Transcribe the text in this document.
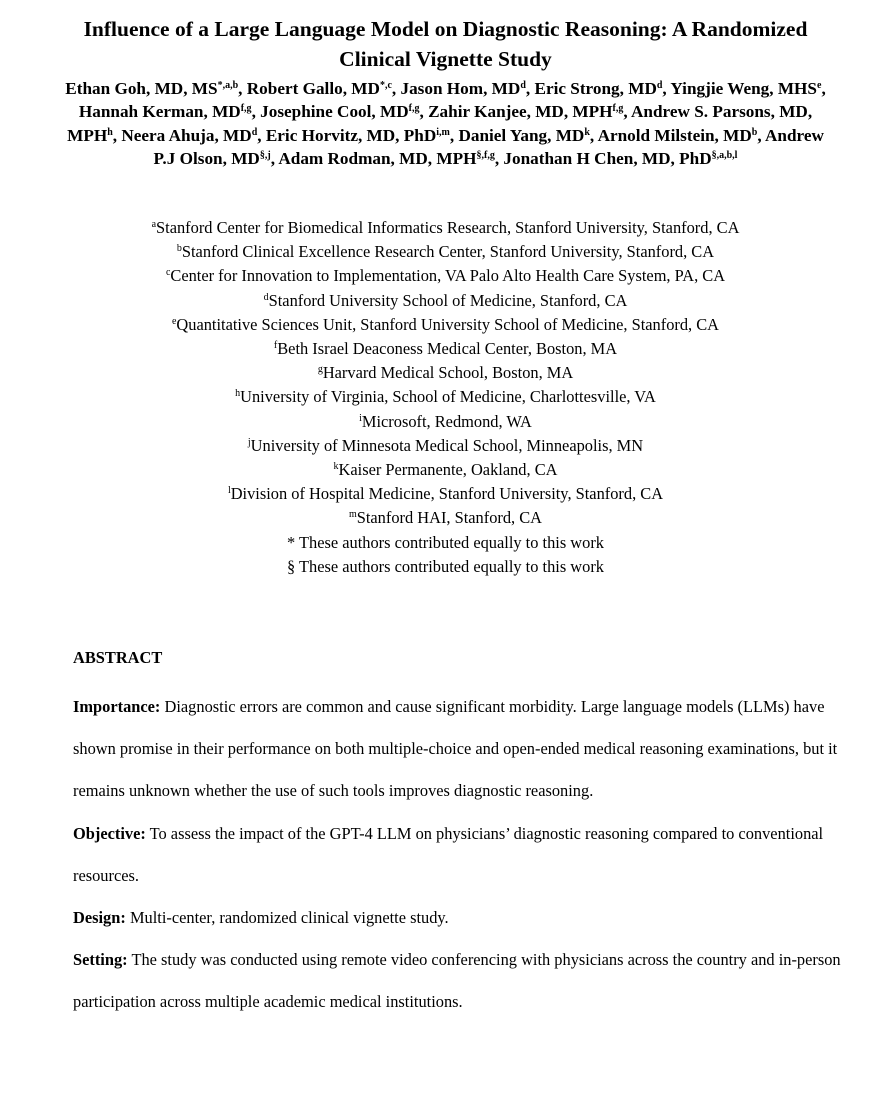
Influence of a Large Language Model on Diagnostic Reasoning: A Randomized Clinical Vignette Study
Ethan Goh, MD, $MS^{*,a,b}$, Robert Gallo, $MD^{*,c}$, Jason Hom, $MD^d$, Eric Strong, $MD^d$, Yingjie Weng, MHS$^e$, Hannah Kerman, MD$^{f,g}$, Josephine Cool, MD$^{f,g}$, Zahir Kanjee, MD, MPH$^{f,g}$, Andrew S. Parsons, MD, MPH$^h$, Neera Ahuja, $MD^d$, Eric Horvitz, MD, PhD$^{i,m}$, Daniel Yang, $MD^k$, Arnold Milstein, $MD^b$, Andrew P.J Olson, $MD^{\S,j}$, Adam Rodman, MD, $MPH^{\S,f,g}$, Jonathan H Chen, MD, PhD$^{\S,a,b,l}$
$^a$Stanford Center for Biomedical Informatics Research, Stanford University, Stanford, CA
$^b$Stanford Clinical Excellence Research Center, Stanford University, Stanford, CA
$^c$Center for Innovation to Implementation, VA Palo Alto Health Care System, PA, CA
$^d$Stanford University School of Medicine, Stanford, CA
$^e$Quantitative Sciences Unit, Stanford University School of Medicine, Stanford, CA
$^f$Beth Israel Deaconess Medical Center, Boston, MA
$^g$Harvard Medical School, Boston, MA
$^h$University of Virginia, School of Medicine, Charlottesville, VA
$^i$Microsoft, Redmond, WA
$^j$University of Minnesota Medical School, Minneapolis, MN
$^k$Kaiser Permanente, Oakland, CA
$^l$Division of Hospital Medicine, Stanford University, Stanford, CA
$^m$Stanford HAI, Stanford, CA
* These authors contributed equally to this work
§ These authors contributed equally to this work
ABSTRACT

Importance: Diagnostic errors are common and cause significant morbidity. Large language models (LLMs) have shown promise in their performance on both multiple-choice and open-ended medical reasoning examinations, but it remains unknown whether the use of such tools improves diagnostic reasoning.

Objective: To assess the impact of the GPT-4 LLM on physicians’ diagnostic reasoning compared to conventional resources.

Design: Multi-center, randomized clinical vignette study.

Setting: The study was conducted using remote video conferencing with physicians across the country and in-person participation across multiple academic medical institutions.
